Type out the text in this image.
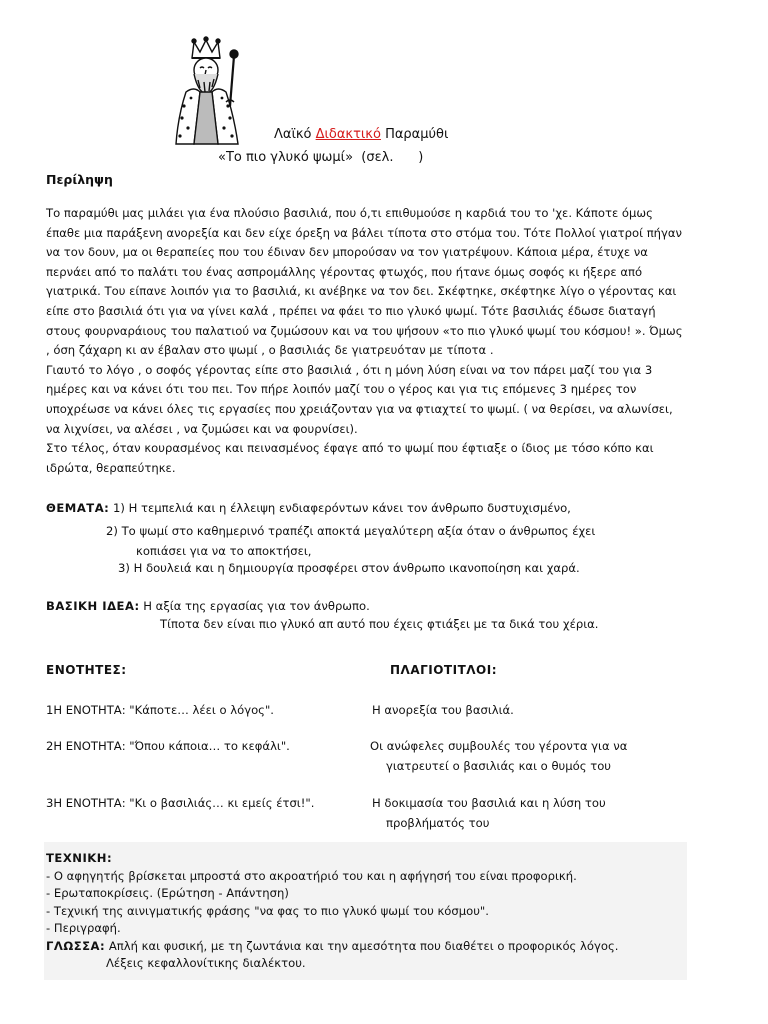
Λαϊκό Διδακτικό Παραμύθι
«Το πιο γλυκό ψωμί»  (σελ.      )
Περίληψη

Το παραμύθι μας μιλάει για ένα πλούσιο βασιλιά, που ό,τι επιθυμούσε η καρδιά του το 'χε. Κάποτε όμως έπαθε μια παράξενη ανορεξία και δεν είχε όρεξη να βάλει τίποτα στο στόμα του. Τότε Πολλοί γιατροί πήγαν να τον δουν, μα οι θεραπείες που του έδιναν δεν μπορούσαν να τον γιατρέψουν. Κάποια μέρα, έτυχε να περνάει από το παλάτι του ένας ασπρομάλλης γέροντας φτωχός, που ήτανε όμως σοφός κι ήξερε από γιατρικά. Του είπανε λοιπόν για το βασιλιά, κι ανέβηκε να τον δει. Σκέφτηκε, σκέφτηκε λίγο ο γέροντας και είπε στο βασιλιά ότι για να γίνει καλά , πρέπει να φάει το πιο γλυκό ψωμί. Τότε βασιλιάς έδωσε διαταγή στους φουρναράιους του παλατιού να ζυμώσουν και να του ψήσουν «το πιο γλυκό ψωμί του κόσμου! ». Όμως , όση ζάχαρη κι αν έβαλαν στο ψωμί , ο βασιλιάς δε γιατρευόταν με τίποτα .

Γιαυτό το λόγο , ο σοφός γέροντας είπε στο βασιλιά , ότι η μόνη λύση είναι να τον πάρει μαζί του για 3 ημέρες και να κάνει ότι του πει. Τον πήρε λοιπόν μαζί του ο γέρος και για τις επόμενες 3 ημέρες τον υποχρέωσε να κάνει όλες τις εργασίες που χρειάζονταν για να φτιαχτεί το ψωμί. ( να θερίσει, να αλωνίσει, να λιχνίσει, να αλέσει , να ζυμώσει και να φουρνίσει).

Στο τέλος, όταν κουρασμένος και πεινασμένος έφαγε από το ψωμί που έφτιαξε ο ίδιος με τόσο κόπο και ιδρώτα, θεραπεύτηκε.

ΘΕΜΑΤΑ: 1) Η τεμπελιά και η έλλειψη ενδιαφερόντων κάνει τον άνθρωπο δυστυχισμένο,
2) Το ψωμί στο καθημερινό τραπέζι αποκτά μεγαλύτερη αξία όταν ο άνθρωπος έχει
κοπιάσει για να το αποκτήσει,
3) Η δουλειά και η δημιουργία προσφέρει στον άνθρωπο ικανοποίηση και χαρά.
ΒΑΣΙΚΗ ΙΔΕΑ: Η αξία της εργασίας για τον άνθρωπο.
Τίποτα δεν είναι πιο γλυκό απ αυτό που έχεις φτιάξει με τα δικά του χέρια.
ΕΝΟΤΗΤΕΣ:	ΠΛΑΓΙΟΤΙΤΛΟΙ:
1Η ΕΝΟΤΗΤΑ: "Κάποτε… λέει ο λόγος".	Η ανορεξία του βασιλιά.
2Η ΕΝΟΤΗΤΑ: "Όπου κάποια… το κεφάλι".	Οι ανώφελες συμβουλές του γέροντα για να
γιατρευτεί ο βασιλιάς και ο θυμός του
3Η ΕΝΟΤΗΤΑ: "Κι ο βασιλιάς… κι εμείς έτσι!".	Η δοκιμασία του βασιλιά και η λύση του
προβλήματός του
ΤΕΧΝΙΚΗ:
- Ο αφηγητής βρίσκεται μπροστά στο ακροατήριό του και η αφήγησή του είναι προφορική.
- Ερωταποκρίσεις. (Ερώτηση - Απάντηση)
- Τεχνική της αινιγματικής φράσης "να φας το πιο γλυκό ψωμί του κόσμου".
- Περιγραφή.
ΓΛΩΣΣΑ: Απλή και φυσική, με τη ζωντάνια και την αμεσότητα που διαθέτει ο προφορικός λόγος.
Λέξεις κεφαλλονίτικης διαλέκτου.
